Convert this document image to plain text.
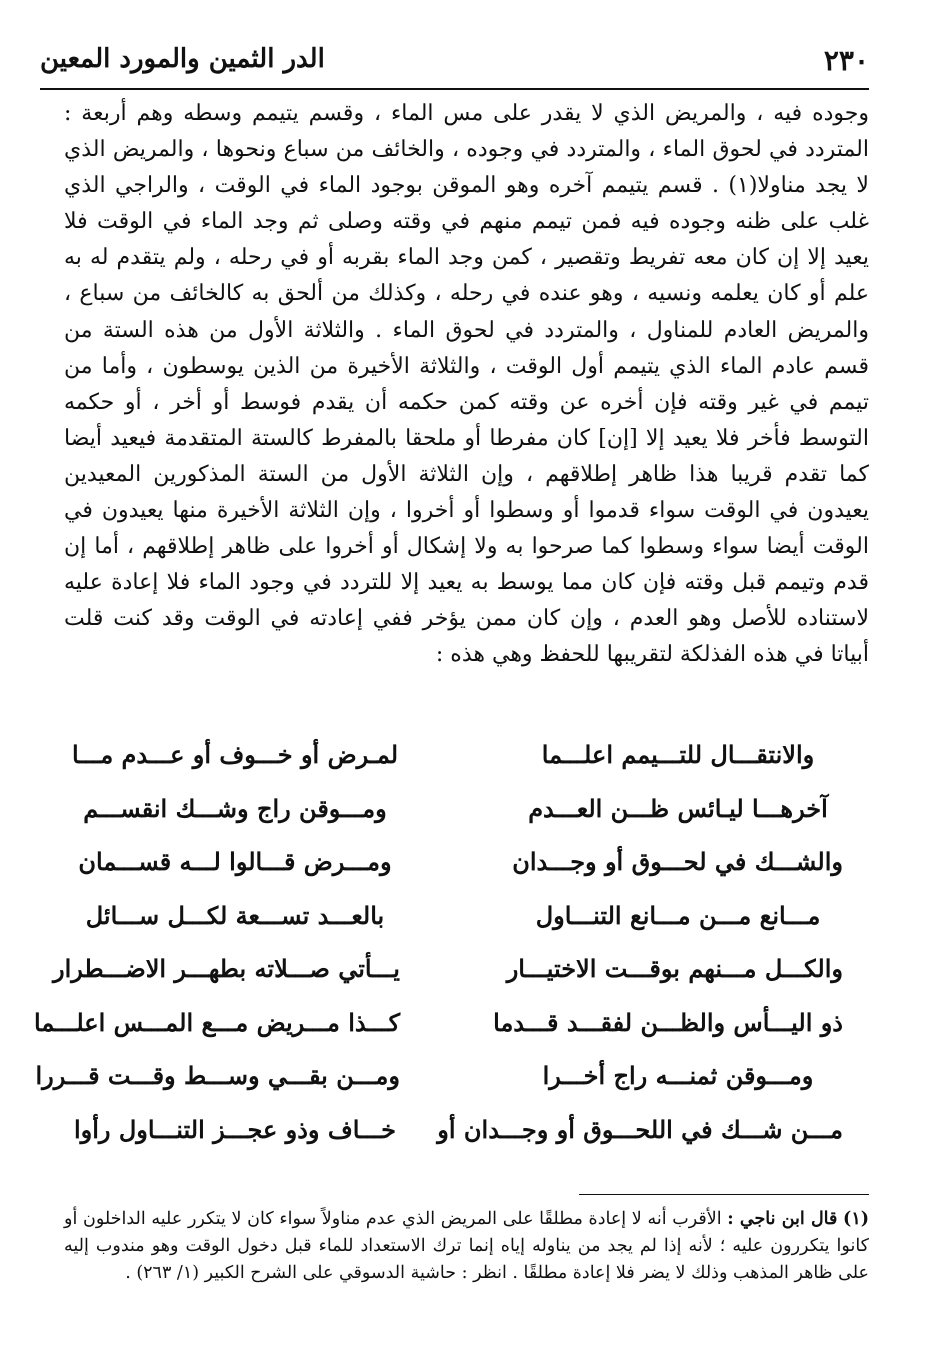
٢٣٠
الدر الثمين والمورد المعين
وجوده فيه ، والمريض الذي لا يقدر على مس الماء ، وقسم يتيمم وسطه وهم أربعة : المتردد في لحوق الماء ، والمتردد في وجوده ، والخائف من سباع ونحوها ، والمريض الذي لا يجد مناولا(١) . قسم يتيمم آخره وهو الموقن بوجود الماء في الوقت ، والراجي الذي غلب على ظنه وجوده فيه فمن تيمم منهم في وقته وصلى ثم وجد الماء في الوقت فلا يعيد إلا إن كان معه تفريط وتقصير ، كمن وجد الماء بقربه أو في رحله ، ولم يتقدم له به علم أو كان يعلمه ونسيه ، وهو عنده في رحله ، وكذلك من ألحق به كالخائف من سباع ، والمريض العادم للمناول ، والمتردد في لحوق الماء . والثلاثة الأول من هذه الستة من قسم عادم الماء الذي يتيمم أول الوقت ، والثلاثة الأخيرة من الذين يوسطون ، وأما من تيمم في غير وقته فإن أخره عن وقته كمن حكمه أن يقدم فوسط أو أخر ، أو حكمه التوسط فأخر فلا يعيد إلا [إن] كان مفرطا أو ملحقا بالمفرط كالستة المتقدمة فيعيد أيضا كما تقدم قريبا هذا ظاهر إطلاقهم ، وإن الثلاثة الأول من الستة المذكورين المعيدين يعيدون في الوقت سواء قدموا أو وسطوا أو أخروا ، وإن الثلاثة الأخيرة منها يعيدون في الوقت أيضا سواء وسطوا كما صرحوا به ولا إشكال أو أخروا على ظاهر إطلاقهم ، أما إن قدم وتيمم قبل وقته فإن كان مما يوسط به يعيد إلا للتردد في وجود الماء فلا إعادة عليه لاستناده للأصل وهو العدم ، وإن كان ممن يؤخر ففي إعادته في الوقت وقد كنت قلت أبياتا في هذه الفذلكة لتقريبها للحفظ وهي هذه :
والانتقـــال للتـــيمم اعلـــما
لمـرض أو خـــوف أو عـــدم مـــا
آخرهـــا ليـائس ظـــن العـــدم
ومـــوقن راج وشـــك انقســـم
والشـــك في لحـــوق أو وجـــدان
ومـــرض قـــالوا لـــه قســـمان
مـــانع مـــن مـــانع التنـــاول
بالعـــد تســـعة لكـــل ســـائل
والكـــل مـــنهم بوقـــت الاختيـــار
يـــأتي صـــلاته بطهـــر الاضـــطرار
ذو اليـــأس والظـــن لفقـــد قـــدما
كـــذا مـــريض مـــع المـــس اعلـــما
ومـــوقن ثمنـــه راج أخـــرا
ومـــن بقـــي وســـط وقـــت قـــررا
مـــن شـــك في اللحـــوق أو وجـــدان أو
خـــاف وذو عجـــز التنـــاول رأوا
(١) قال ابن ناجي : الأقرب أنه لا إعادة مطلقًا على المريض الذي عدم مناولاً سواء كان لا يتكرر عليه الداخلون أو كانوا يتكررون عليه ؛ لأنه إذا لم يجد من يناوله إياه إنما ترك الاستعداد للماء قبل دخول الوقت وهو مندوب إليه على ظاهر المذهب وذلك لا يضر فلا إعادة مطلقًا . انظر : حاشية الدسوقي على الشرح الكبير (١/ ٢٦٣) .
